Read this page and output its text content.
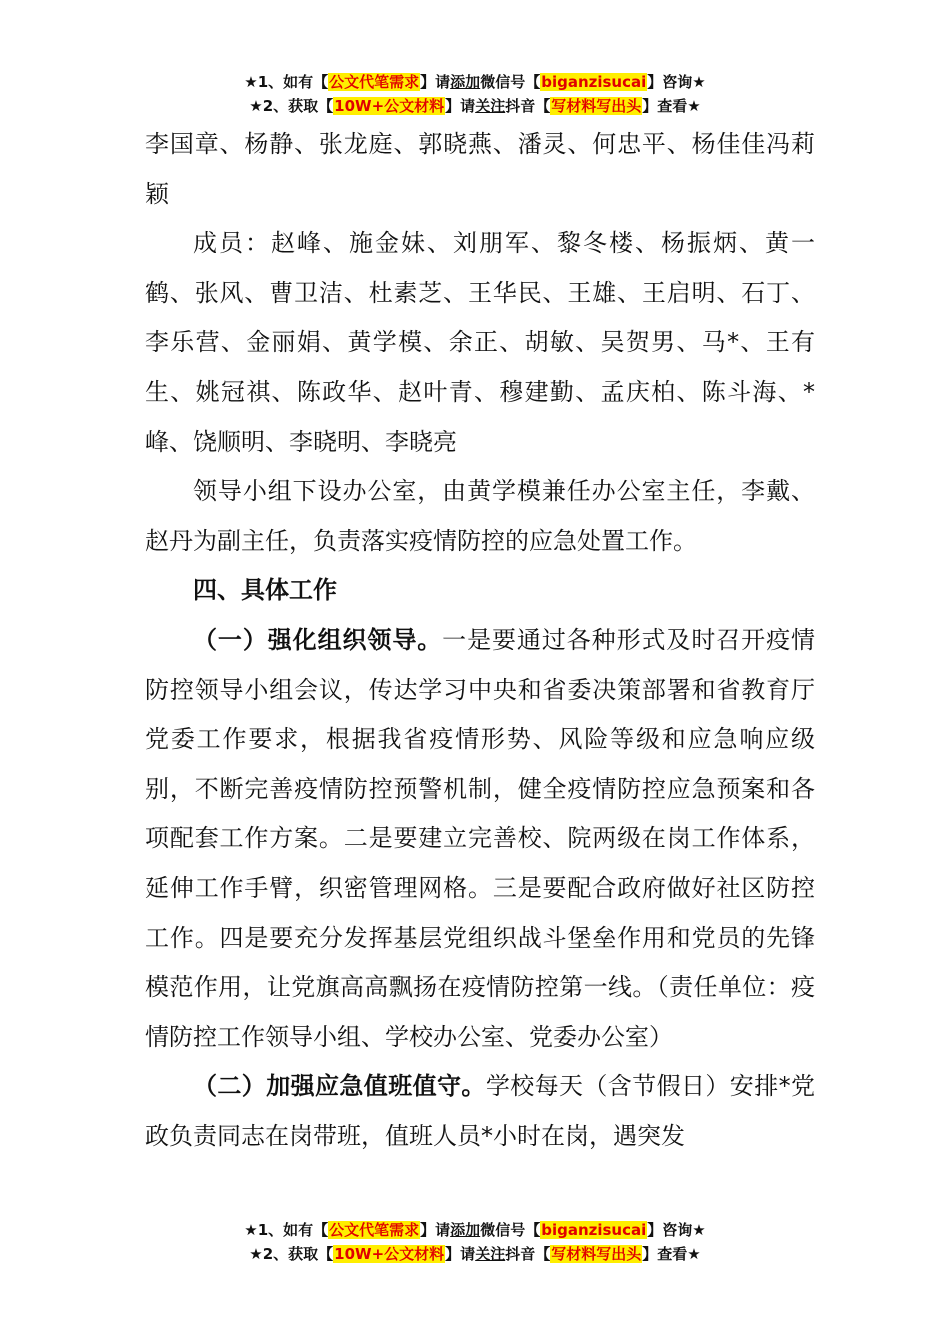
★1、如有【公文代笔需求】请添加微信号【biganzisucai】咨询★
★2、获取【10W+公文材料】请关注抖音【写材料写出头】查看★

李国章、杨静、张龙庭、郭晓燕、潘灵、何忠平、杨佳佳冯莉颖

成员：赵峰、施金妹、刘朋军、黎冬楼、杨振炳、黄一鹤、张风、曹卫洁、杜素芝、王华民、王雄、王启明、石丁、李乐营、金丽娟、黄学模、余正、胡敏、吴贺男、马*、王有生、姚冠祺、陈政华、赵叶青、穆建勤、孟庆柏、陈斗海、*峰、饶顺明、李晓明、李晓亮

领导小组下设办公室，由黄学模兼任办公室主任，李戴、赵丹为副主任，负责落实疫情防控的应急处置工作。

四、具体工作

（一）强化组织领导。一是要通过各种形式及时召开疫情防控领导小组会议，传达学习中央和省委决策部署和省教育厅党委工作要求，根据我省疫情形势、风险等级和应急响应级别，不断完善疫情防控预警机制，健全疫情防控应急预案和各项配套工作方案。二是要建立完善校、院两级在岗工作体系，延伸工作手臂，织密管理网格。三是要配合政府做好社区防控工作。四是要充分发挥基层党组织战斗堡垒作用和党员的先锋模范作用，让党旗高高飘扬在疫情防控第一线。（责任单位：疫情防控工作领导小组、学校办公室、党委办公室）

（二）加强应急值班值守。学校每天（含节假日）安排*党政负责同志在岗带班，值班人员*小时在岗，遇突发

★1、如有【公文代笔需求】请添加微信号【biganzisucai】咨询★
★2、获取【10W+公文材料】请关注抖音【写材料写出头】查看★
